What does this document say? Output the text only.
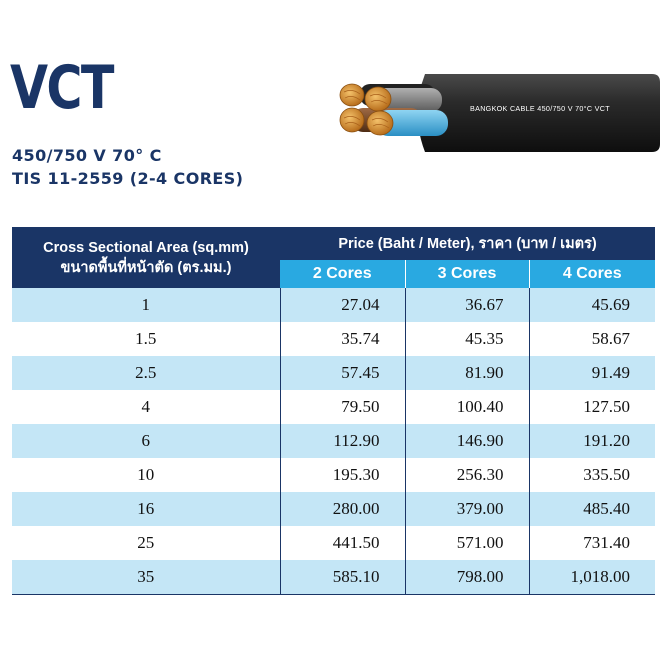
VCT
450/750 V 70° C
TIS 11-2559 (2-4 CORES)
BANGKOK CABLE 450/750 V 70°C VCT
Cross Sectional Area (sq.mm)
ขนาดพื้นที่หน้าตัด (ตร.มม.)	Price (Baht / Meter), ราคา (บาท / เมตร)		
	2 Cores	3 Cores	4 Cores
1	27.04	36.67	45.69
1.5	35.74	45.35	58.67
2.5	57.45	81.90	91.49
4	79.50	100.40	127.50
6	112.90	146.90	191.20
10	195.30	256.30	335.50
16	280.00	379.00	485.40
25	441.50	571.00	731.40
35	585.10	798.00	1,018.00
